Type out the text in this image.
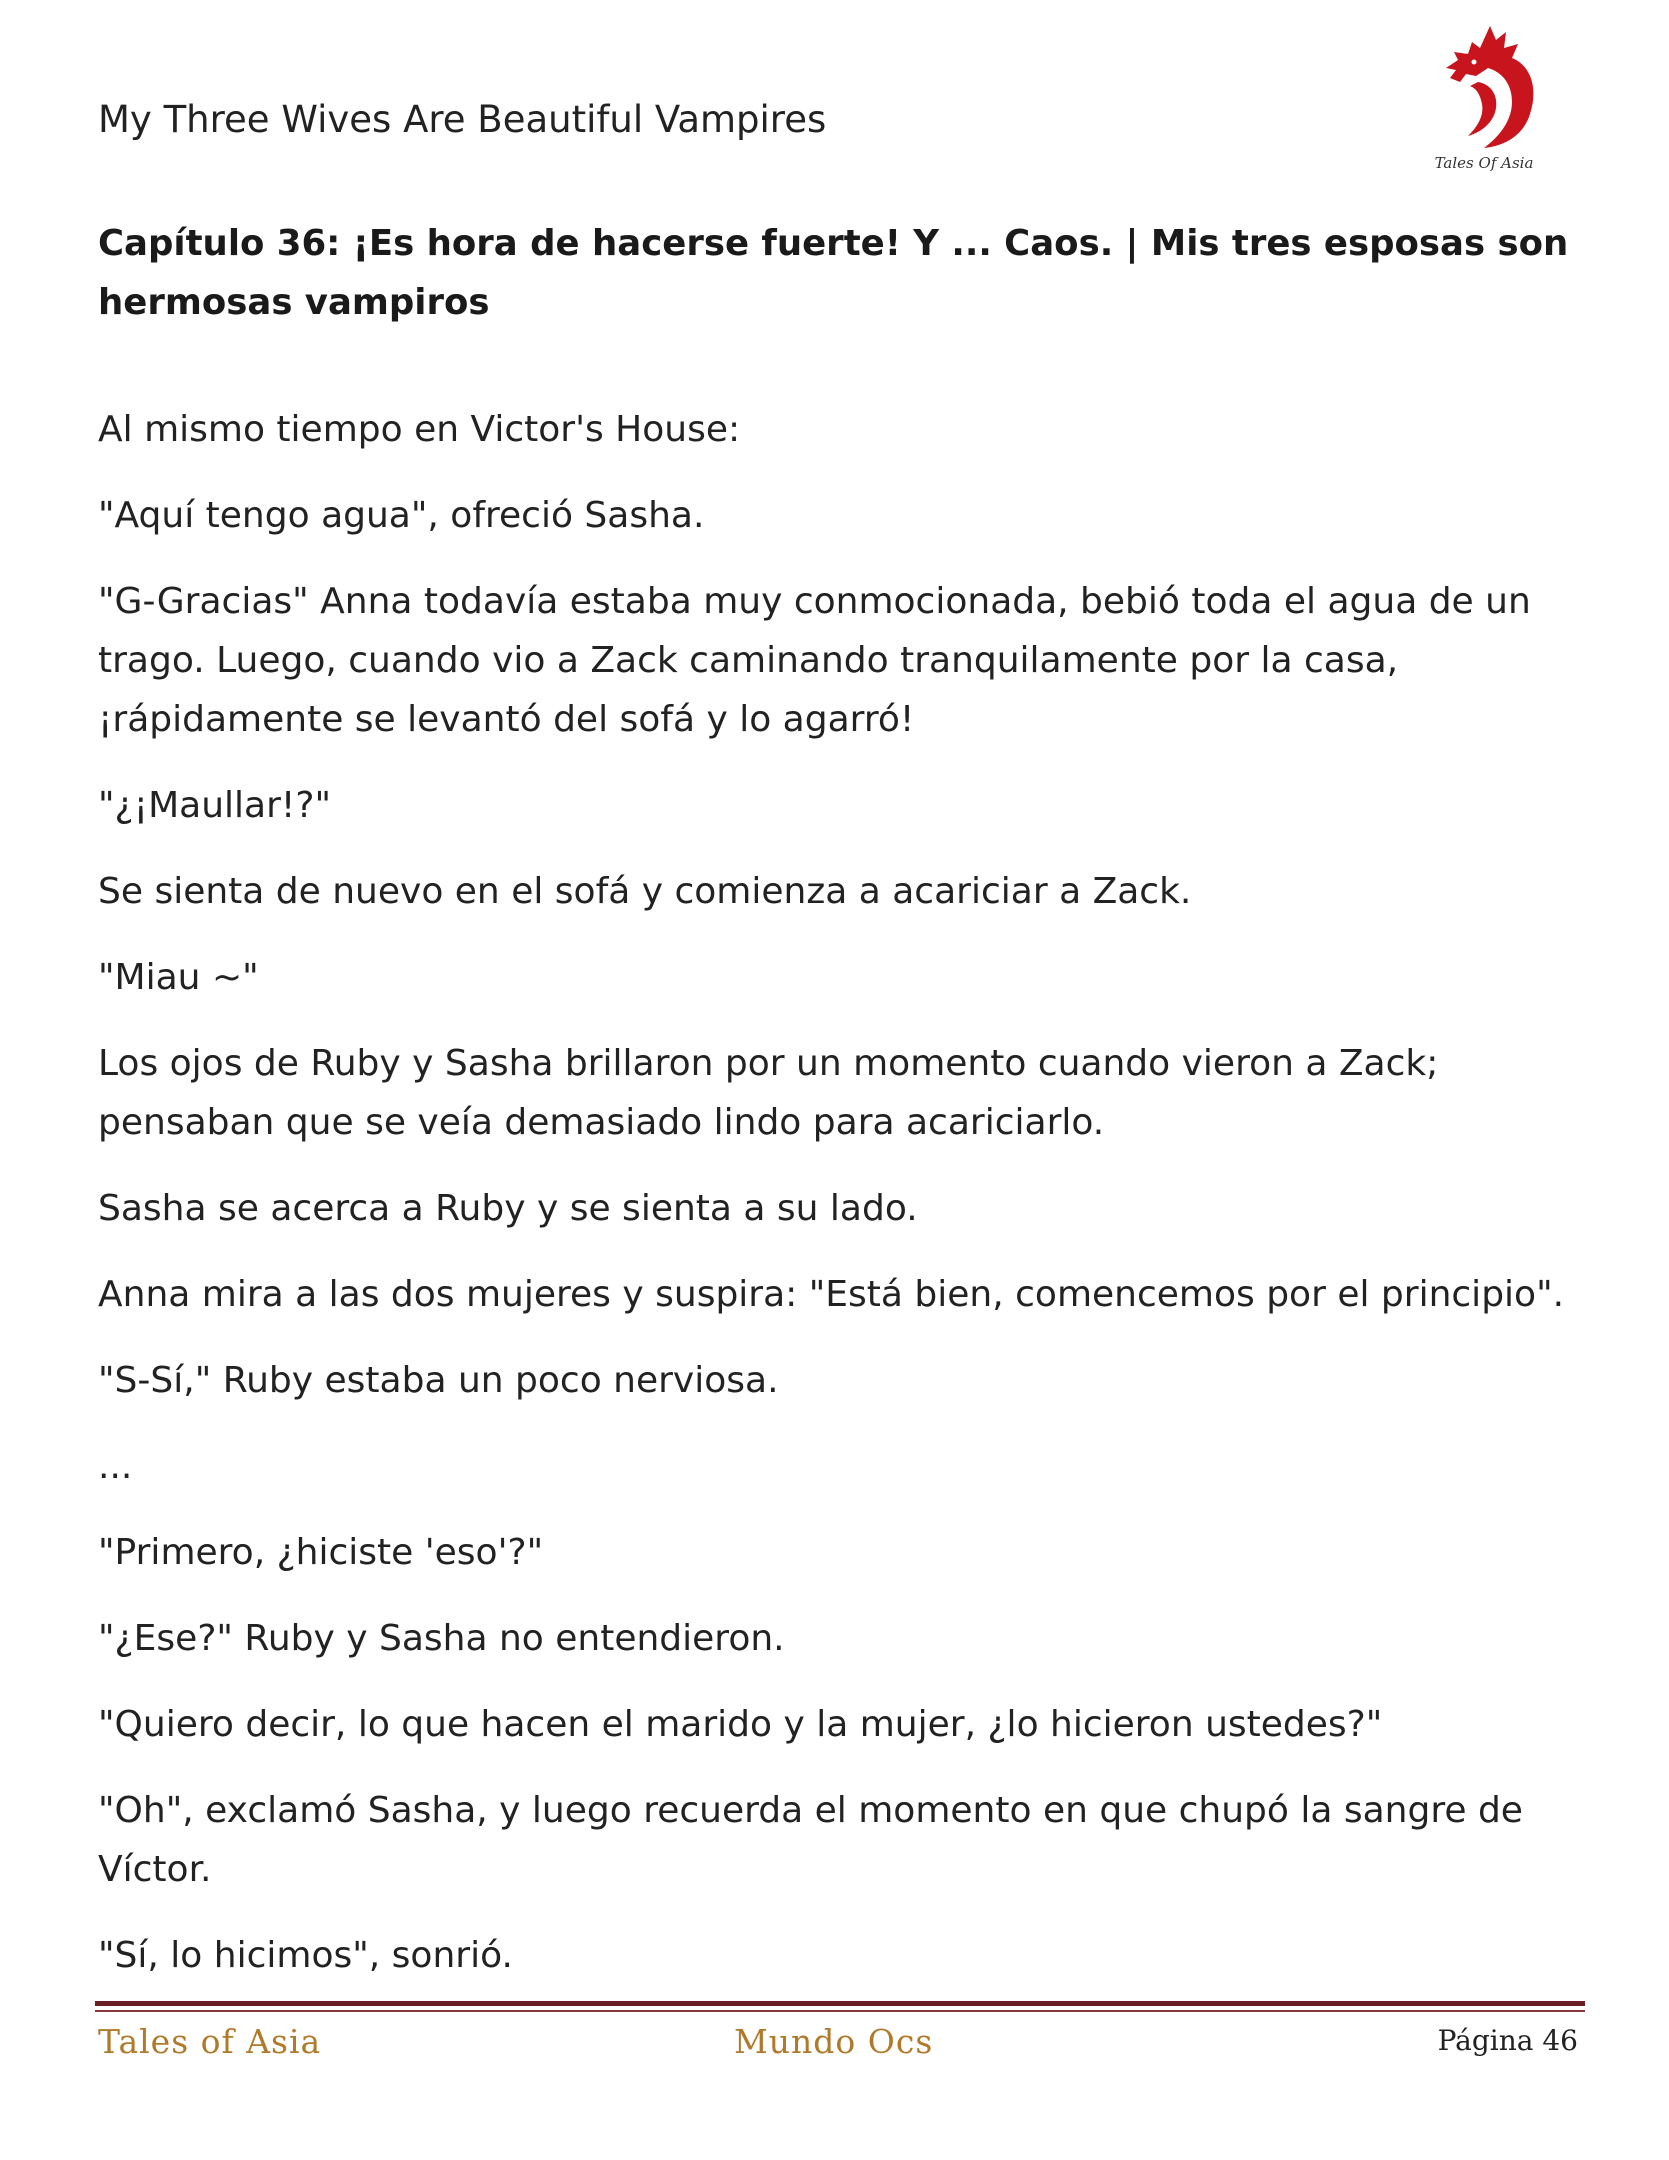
My Three Wives Are Beautiful Vampires
Tales Of Asia
Capítulo 36: ¡Es hora de hacerse fuerte! Y ... Caos. | Mis tres esposas son hermosas vampiros

Al mismo tiempo en Victor's House:

"Aquí tengo agua", ofreció Sasha.

"G-Gracias" Anna todavía estaba muy conmocionada, bebió toda el agua de un trago. Luego, cuando vio a Zack caminando tranquilamente por la casa, ¡rápidamente se levantó del sofá y lo agarró!

"¿¡Maullar!?"

Se sienta de nuevo en el sofá y comienza a acariciar a Zack.

"Miau ~"

Los ojos de Ruby y Sasha brillaron por un momento cuando vieron a Zack; pensaban que se veía demasiado lindo para acariciarlo.

Sasha se acerca a Ruby y se sienta a su lado.

Anna mira a las dos mujeres y suspira: "Está bien, comencemos por el principio".

"S-Sí," Ruby estaba un poco nerviosa.

...

"Primero, ¿hiciste 'eso'?"

"¿Ese?" Ruby y Sasha no entendieron.

"Quiero decir, lo que hacen el marido y la mujer, ¿lo hicieron ustedes?"

"Oh", exclamó Sasha, y luego recuerda el momento en que chupó la sangre de Víctor.

"Sí, lo hicimos", sonrió.

Tales of Asia	Mundo Ocs	Página 46
